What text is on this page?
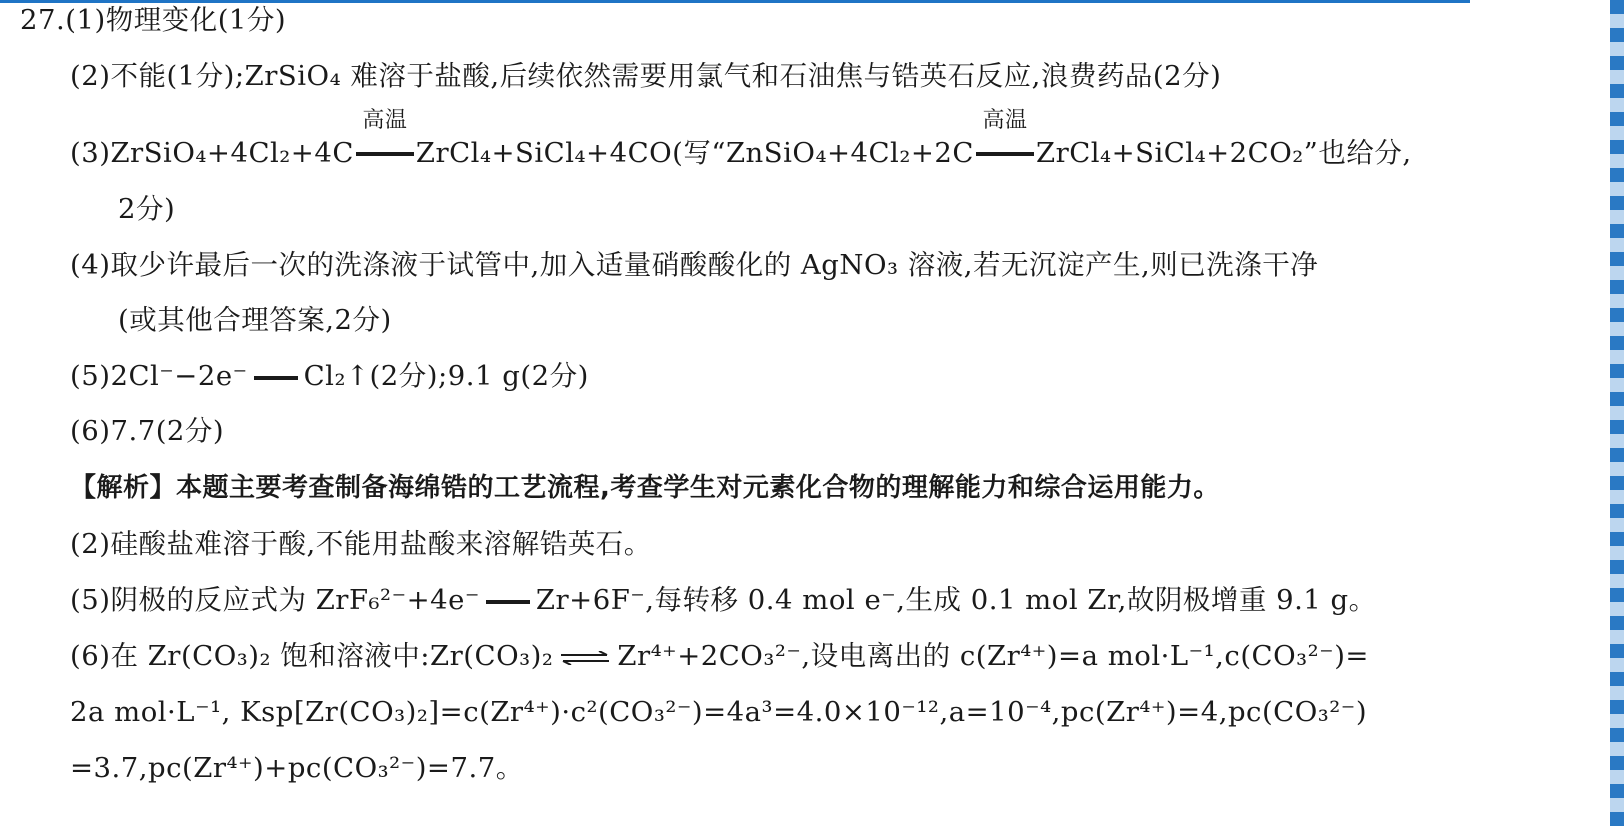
27.(1)物理变化(1分)
(2)不能(1分);ZrSiO₄ 难溶于盐酸,后续依然需要用氯气和石油焦与锆英石反应,浪费药品(2分)
(3)ZrSiO₄+4Cl₂+4C
高温
ZrCl₄+SiCl₄+4CO(写“ZnSiO₄+4Cl₂+2C
高温
ZrCl₄+SiCl₄+2CO₂”也给分,
2分)
(4)取少许最后一次的洗涤液于试管中,加入适量硝酸酸化的 AgNO₃ 溶液,若无沉淀产生,则已洗涤干净
(或其他合理答案,2分)
(5)2Cl⁻−2e⁻ Cl₂↑(2分);9.1 g(2分)
(6)7.7(2分)
【解析】本题主要考查制备海绵锆的工艺流程,考查学生对元素化合物的理解能力和综合运用能力。
(2)硅酸盐难溶于酸,不能用盐酸来溶解锆英石。
(5)阴极的反应式为 ZrF₆²⁻+4e⁻ Zr+6F⁻,每转移 0.4 mol e⁻,生成 0.1 mol Zr,故阴极增重 9.1 g。
(6)在 Zr(CO₃)₂ 饱和溶液中:Zr(CO₃)₂ ⇌ Zr⁴⁺+2CO₃²⁻,设电离出的 c(Zr⁴⁺)=a mol·L⁻¹,c(CO₃²⁻)=
2a mol·L⁻¹, Ksp[Zr(CO₃)₂]=c(Zr⁴⁺)·c²(CO₃²⁻)=4a³=4.0×10⁻¹²,a=10⁻⁴,pc(Zr⁴⁺)=4,pc(CO₃²⁻)
=3.7,pc(Zr⁴⁺)+pc(CO₃²⁻)=7.7。
